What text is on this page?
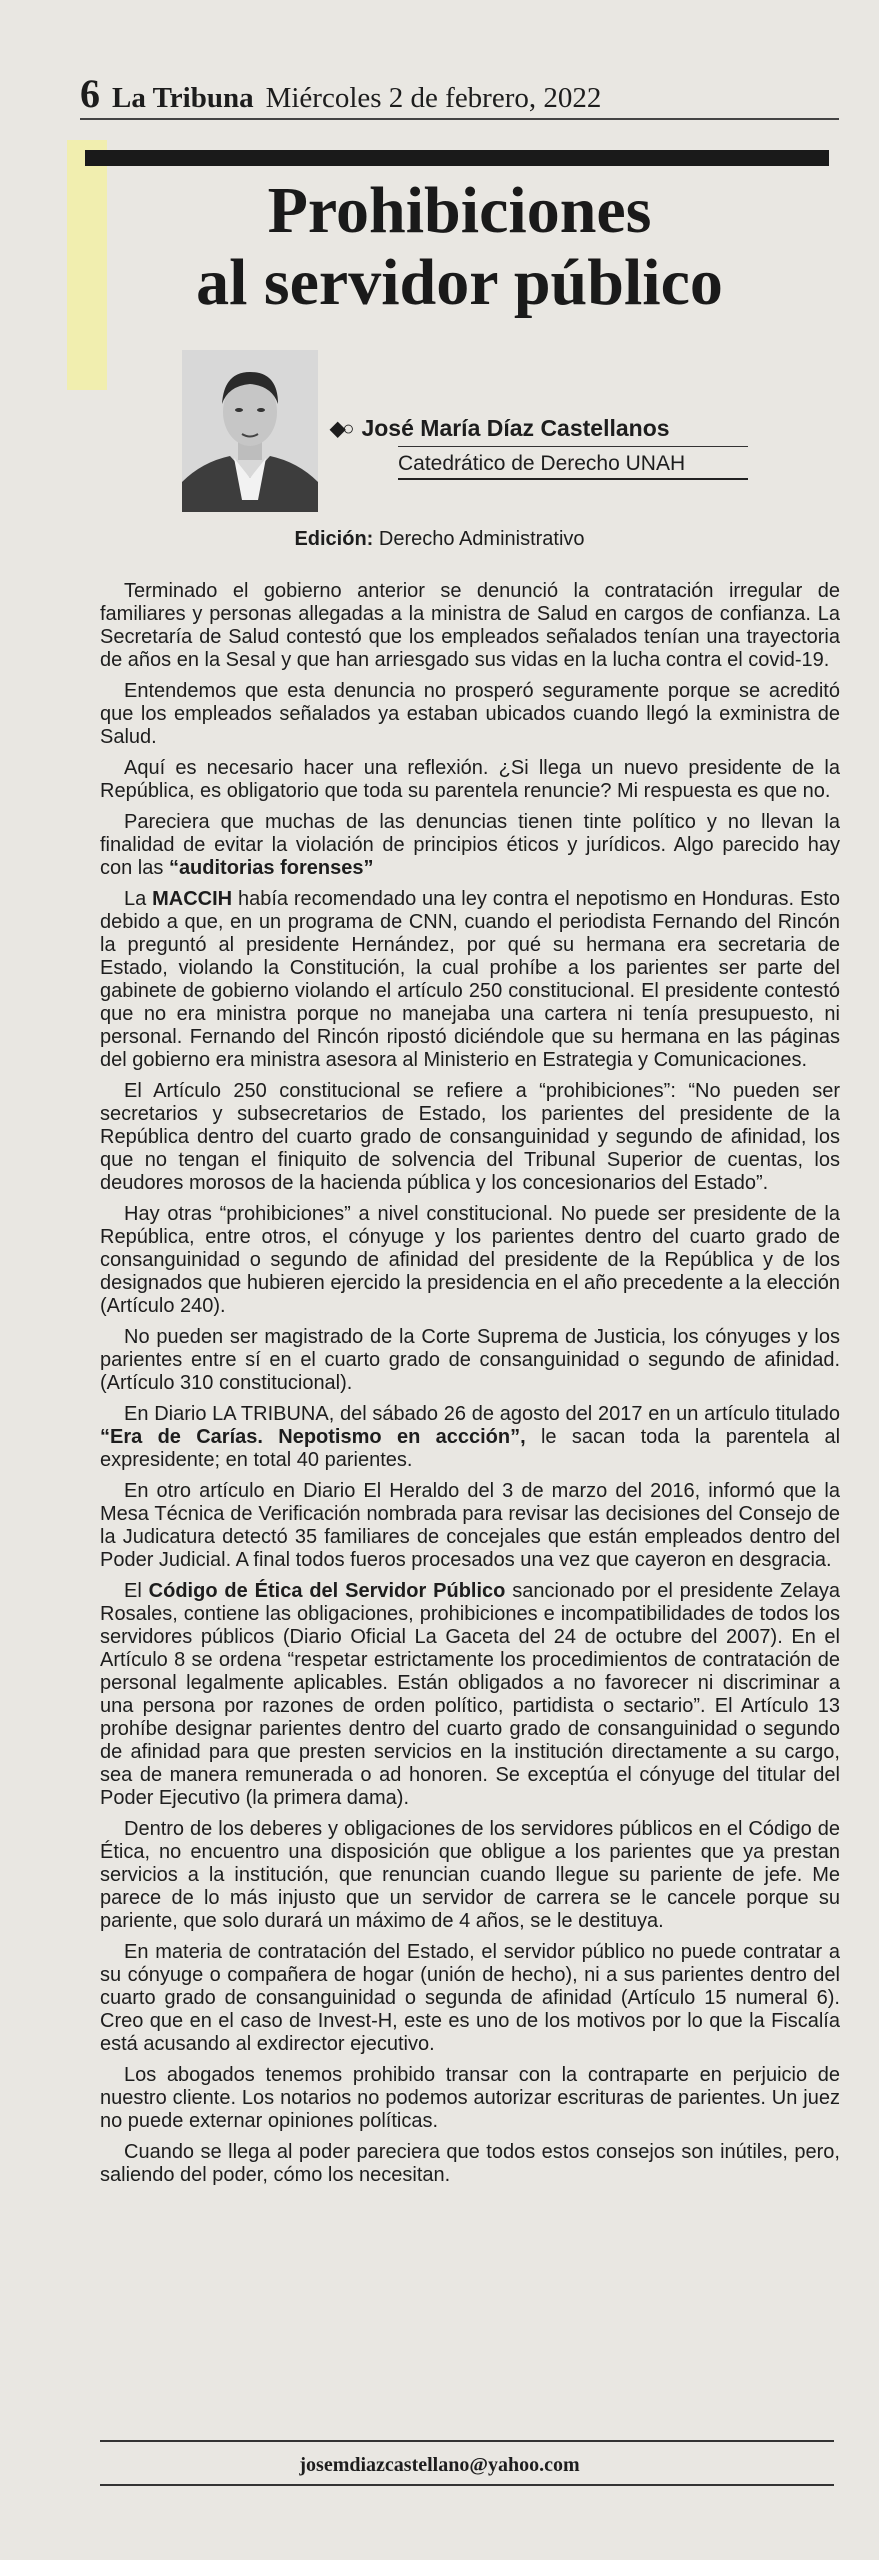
6 La Tribuna Miércoles 2 de febrero, 2022
Prohibiciones
al servidor público
◆○ José María Díaz Castellanos
Catedrático de Derecho UNAH
Edición: Derecho Administrativo

Terminado el gobierno anterior se denunció la contratación irregular de familiares y personas allegadas a la ministra de Salud en cargos de confianza. La Secretaría de Salud contestó que los empleados señalados tenían una trayectoria de años en la Sesal y que han arriesgado sus vidas en la lucha contra el covid-19.

Entendemos que esta denuncia no prosperó seguramente porque se acreditó que los empleados señalados ya estaban ubicados cuando llegó la exministra de Salud.

Aquí es necesario hacer una reflexión. ¿Si llega un nuevo presidente de la República, es obligatorio que toda su parentela renuncie? Mi respuesta es que no.

Pareciera que muchas de las denuncias tienen tinte político y no llevan la finalidad de evitar la violación de principios éticos y jurídicos. Algo parecido hay con las “auditorias forenses”

La MACCIH había recomendado una ley contra el nepotismo en Honduras. Esto debido a que, en un programa de CNN, cuando el periodista Fernando del Rincón la preguntó al presidente Hernández, por qué su hermana era secretaria de Estado, violando la Constitución, la cual prohíbe a los parientes ser parte del gabinete de gobierno violando el artículo 250 constitucional. El presidente contestó que no era ministra porque no manejaba una cartera ni tenía presupuesto, ni personal. Fernando del Rincón ripostó diciéndole que su hermana en las páginas del gobierno era ministra asesora al Ministerio en Estrategia y Comunicaciones.

El Artículo 250 constitucional se refiere a “prohibiciones”: “No pueden ser secretarios y subsecretarios de Estado, los parientes del presidente de la República dentro del cuarto grado de consanguinidad y segundo de afinidad, los que no tengan el finiquito de solvencia del Tribunal Superior de cuentas, los deudores morosos de la hacienda pública y los concesionarios del Estado”.

Hay otras “prohibiciones” a nivel constitucional. No puede ser presidente de la República, entre otros, el cónyuge y los parientes dentro del cuarto grado de consanguinidad o segundo de afinidad del presidente de la República y de los designados que hubieren ejercido la presidencia en el año precedente a la elección (Artículo 240).

No pueden ser magistrado de la Corte Suprema de Justicia, los cónyuges y los parientes entre sí en el cuarto grado de consanguinidad o segundo de afinidad. (Artículo 310 constitucional).

En Diario LA TRIBUNA, del sábado 26 de agosto del 2017 en un artículo titulado “Era de Carías. Nepotismo en accción”, le sacan toda la parentela al expresidente; en total 40 parientes.

En otro artículo en Diario El Heraldo del 3 de marzo del 2016, informó que la Mesa Técnica de Verificación nombrada para revisar las decisiones del Consejo de la Judicatura detectó 35 familiares de concejales que están empleados dentro del Poder Judicial. A final todos fueros procesados una vez que cayeron en desgracia.

El Código de Ética del Servidor Público sancionado por el presidente Zelaya Rosales, contiene las obligaciones, prohibiciones e incompatibilidades de todos los servidores públicos (Diario Oficial La Gaceta del 24 de octubre del 2007). En el Artículo 8 se ordena “respetar estrictamente los procedimientos de contratación de personal legalmente aplicables. Están obligados a no favorecer ni discriminar a una persona por razones de orden político, partidista o sectario”. El Artículo 13 prohíbe designar parientes dentro del cuarto grado de consanguinidad o segundo de afinidad para que presten servicios en la institución directamente a su cargo, sea de manera remunerada o ad honoren. Se exceptúa el cónyuge del titular del Poder Ejecutivo (la primera dama).

Dentro de los deberes y obligaciones de los servidores públicos en el Código de Ética, no encuentro una disposición que obligue a los parientes que ya prestan servicios a la institución, que renuncian cuando llegue su pariente de jefe. Me parece de lo más injusto que un servidor de carrera se le cancele porque su pariente, que solo durará un máximo de 4 años, se le destituya.

En materia de contratación del Estado, el servidor público no puede contratar a su cónyuge o compañera de hogar (unión de hecho), ni a sus parientes dentro del cuarto grado de consanguinidad o segunda de afinidad (Artículo 15 numeral 6). Creo que en el caso de Invest-H, este es uno de los motivos por lo que la Fiscalía está acusando al exdirector ejecutivo.

Los abogados tenemos prohibido transar con la contraparte en perjuicio de nuestro cliente. Los notarios no podemos autorizar escrituras de parientes. Un juez no puede externar opiniones políticas.

Cuando se llega al poder pareciera que todos estos consejos son inútiles, pero, saliendo del poder, cómo los necesitan.

josemdiazcastellano@yahoo.com
